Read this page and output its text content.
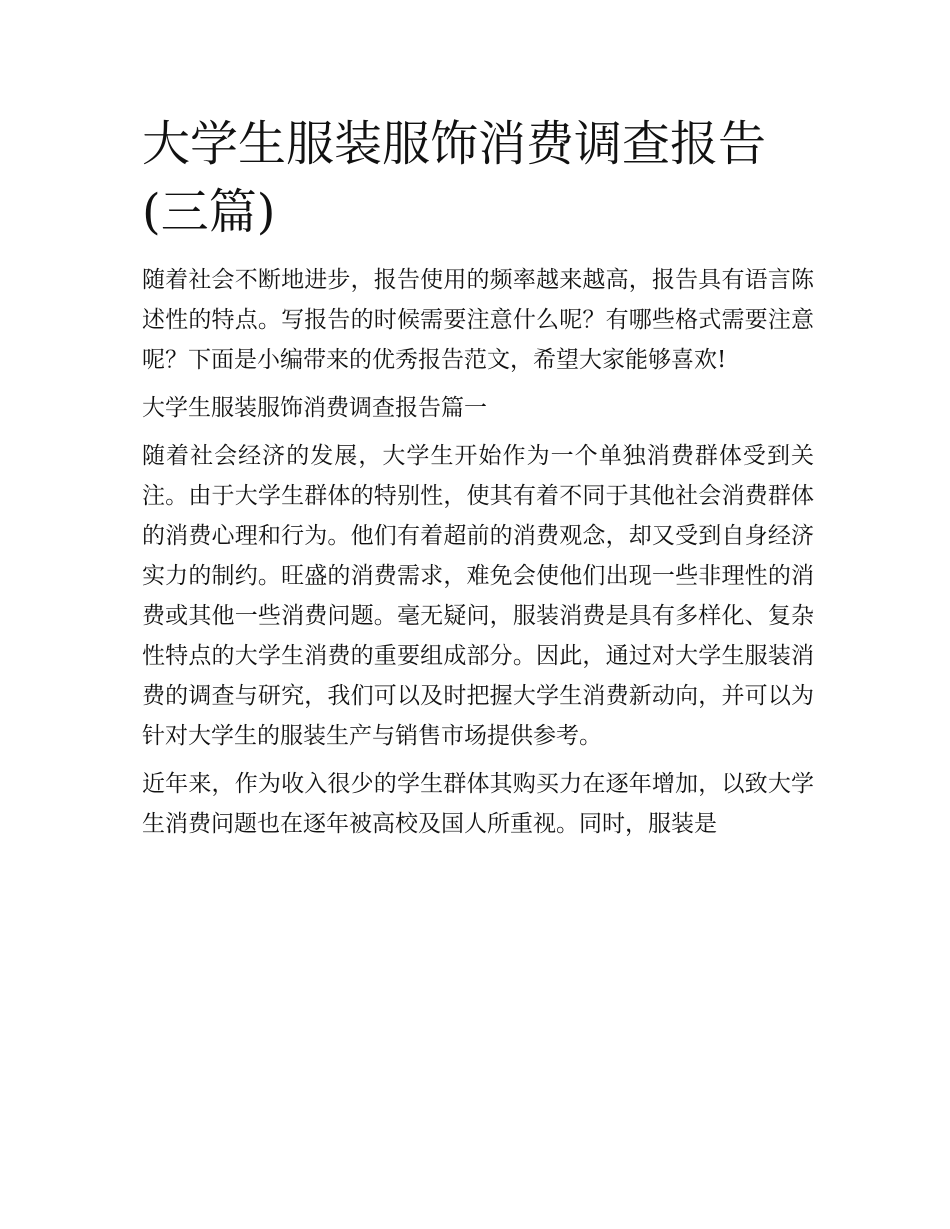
大学生服装服饰消费调查报告(三篇)

随着社会不断地进步，报告使用的频率越来越高，报告具有语言陈述性的特点。写报告的时候需要注意什么呢？有哪些格式需要注意呢？下面是小编带来的优秀报告范文，希望大家能够喜欢!

大学生服装服饰消费调查报告篇一

随着社会经济的发展，大学生开始作为一个单独消费群体受到关注。由于大学生群体的特别性，使其有着不同于其他社会消费群体的消费心理和行为。他们有着超前的消费观念，却又受到自身经济实力的制约。旺盛的消费需求，难免会使他们出现一些非理性的消费或其他一些消费问题。毫无疑问，服装消费是具有多样化、复杂性特点的大学生消费的重要组成部分。因此，通过对大学生服装消费的调查与研究，我们可以及时把握大学生消费新动向，并可以为针对大学生的服装生产与销售市场提供参考。

近年来，作为收入很少的学生群体其购买力在逐年增加，以致大学生消费问题也在逐年被高校及国人所重视。同时，服装是
